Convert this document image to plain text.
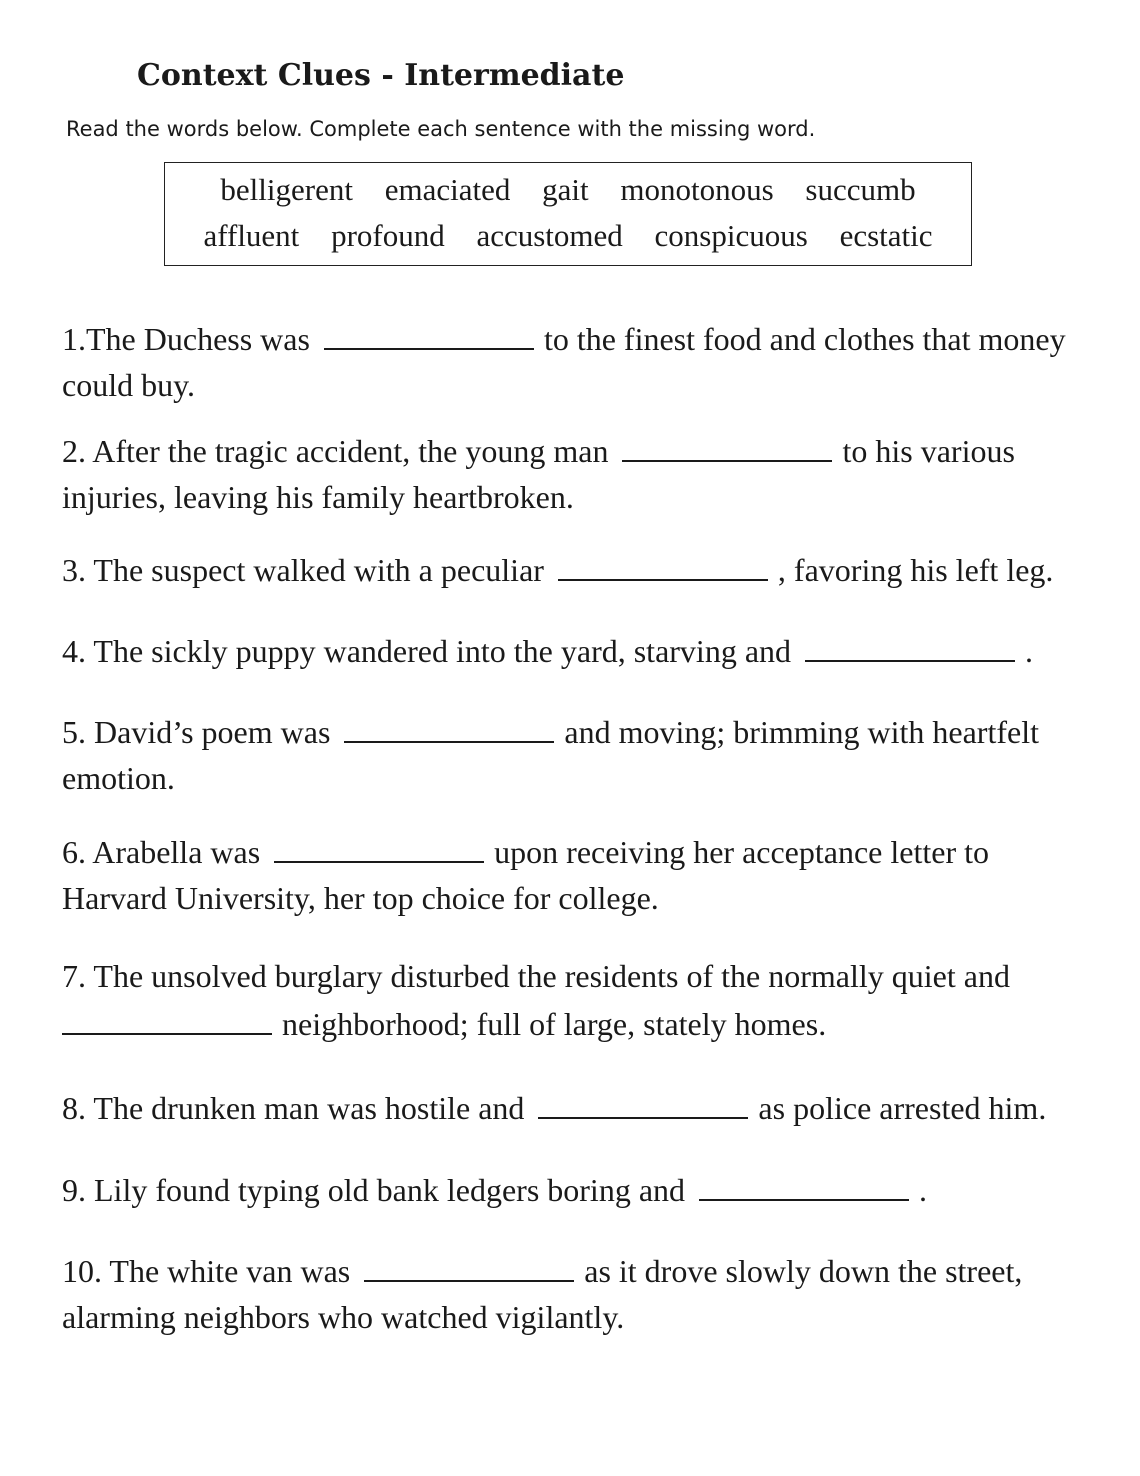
Context Clues - Intermediate
Read the words below. Complete each sentence with the missing word.
belligerent emaciated gait monotonous succumb
affluent profound accustomed conspicuous ecstatic
1.The Duchess was	to the finest food and clothes that money
could buy.
2. After the tragic accident, the young man	to his various
injuries, leaving his family heartbroken.
3. The suspect walked with a peculiar	, favoring his left leg.
4. The sickly puppy wandered into the yard, starving and	.
5. David’s poem was	and moving; brimming with heartfelt
emotion.
6. Arabella was	upon receiving her acceptance letter to
Harvard University, her top choice for college.
7. The unsolved burglary disturbed the residents of the normally quiet and
neighborhood; full of large, stately homes.
8. The drunken man was hostile and	as police arrested him.
9. Lily found typing old bank ledgers boring and	.
10. The white van was	as it drove slowly down the street,
alarming neighbors who watched vigilantly.
